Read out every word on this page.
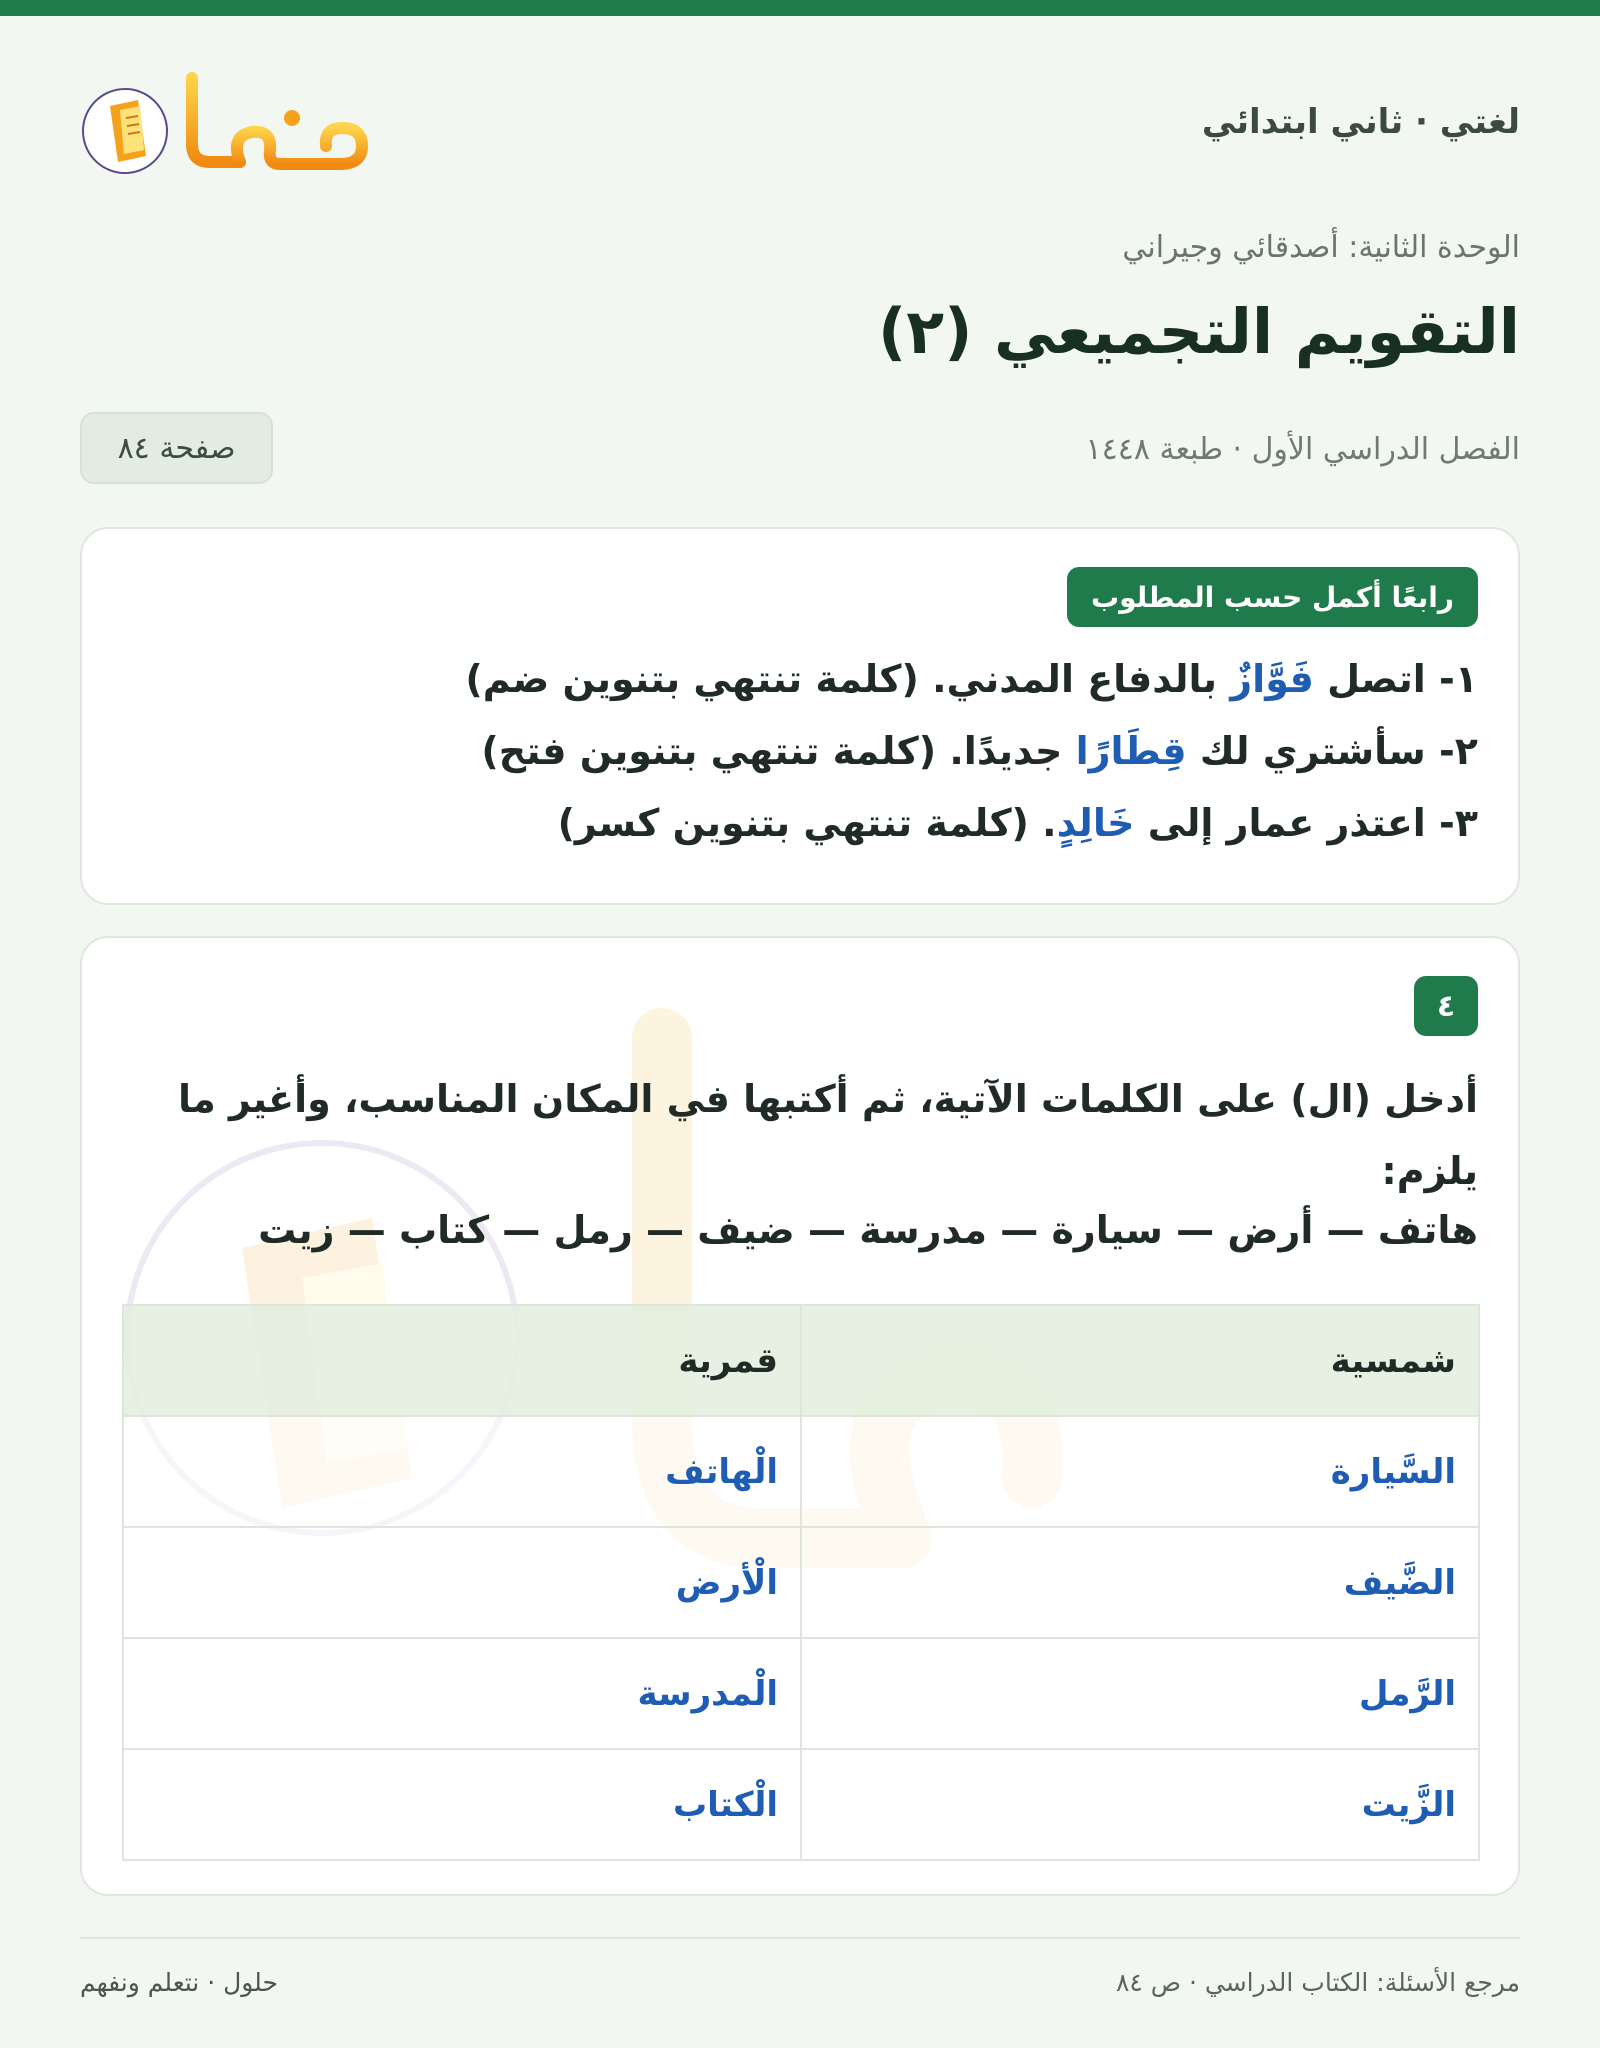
لغتي · ثاني ابتدائي
الوحدة الثانية: أصدقائي وجيراني
التقويم التجميعي (٢)
الفصل الدراسي الأول · طبعة ١٤٤٨
صفحة ٨٤
رابعًا أكمل حسب المطلوب
١- اتصل فَوَّازٌ بالدفاع المدني. (كلمة تنتهي بتنوين ضم)
٢- سأشتري لك قِطَارًا جديدًا. (كلمة تنتهي بتنوين فتح)
٣- اعتذر عمار إلى خَالِدٍ. (كلمة تنتهي بتنوين كسر)
٤
أدخل (ال) على الكلمات الآتية، ثم أكتبها في المكان المناسب، وأغير ما يلزم:
هاتف — أرض — سيارة — مدرسة — ضيف — رمل — كتاب — زيت
شمسية	قمرية
السَّيارة	الْهاتف
الضَّيف	الْأرض
الرَّمل	الْمدرسة
الزَّيت	الْكتاب
مرجع الأسئلة: الكتاب الدراسي · ص ٨٤
حلول · نتعلم ونفهم
